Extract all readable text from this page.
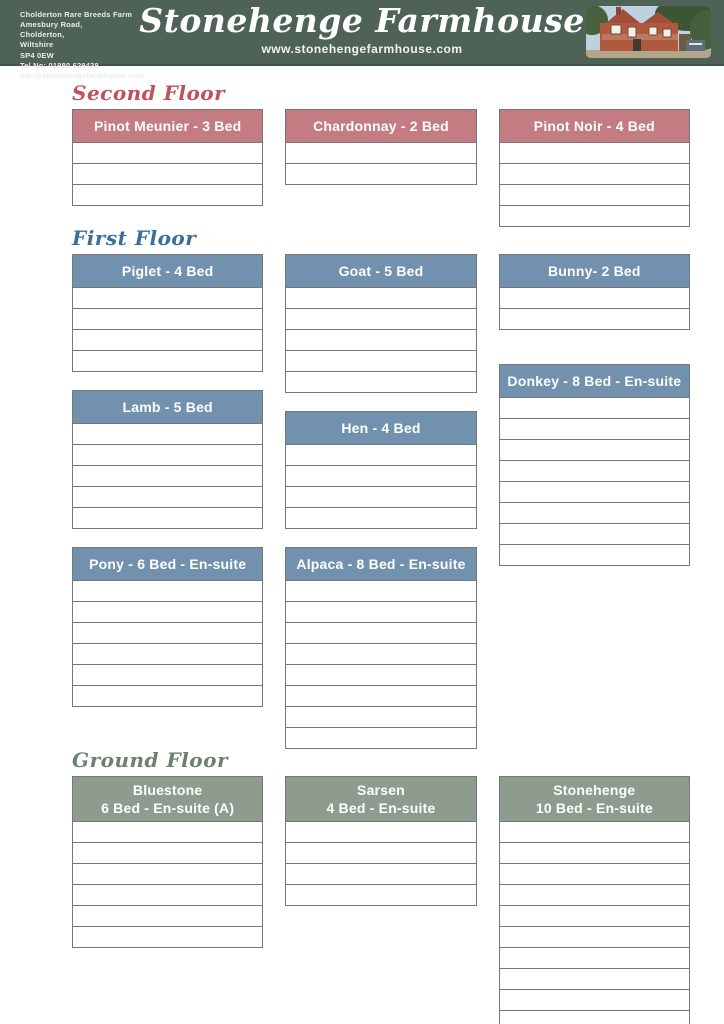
Cholderton Rare Breeds Farm
Amesbury Road,
Cholderton,
Wiltshire
SP4 0EW
Tel No: 01980 629438
info@stonehengefarmhouse.com
Stonehenge Farmhouse
www.stonehengefarmhouse.com
Second Floor
Pinot Meunier - 3 Bed	Chardonnay - 2 Bed	Pinot Noir - 4 Bed
First Floor
Piglet - 4 Bed
Lamb - 5 Bed
Pony - 6 Bed - En-suite
Goat - 5 Bed
Hen - 4 Bed
Alpaca - 8 Bed - En-suite
Bunny- 2 Bed
Donkey - 8 Bed - En-suite
Ground Floor
Bluestone
6 Bed - En-suite (A)
Sarsen
4 Bed - En-suite
Stonehenge
10 Bed - En-suite
